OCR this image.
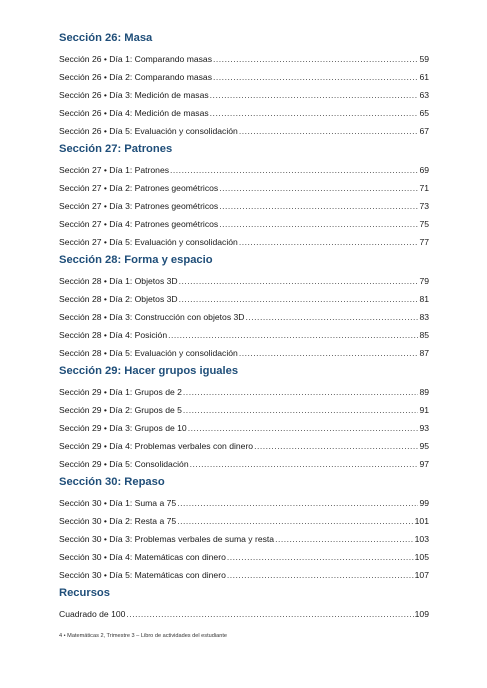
Sección 26: Masa
Sección 26 • Día 1: Comparando masas .....	59
Sección 26 • Día 2: Comparando masas .....	61
Sección 26 • Día 3: Medición de masas .....	63
Sección 26 • Día 4: Medición de masas .....	65
Sección 26 • Día 5: Evaluación y consolidación .....	67
Sección 27: Patrones
Sección 27 • Día 1: Patrones .....	69
Sección 27 • Día 2: Patrones geométricos .....	71
Sección 27 • Día 3: Patrones geométricos .....	73
Sección 27 • Día 4: Patrones geométricos .....	75
Sección 27 • Día 5: Evaluación y consolidación .....	77
Sección 28: Forma y espacio
Sección 28 • Día 1: Objetos 3D .....	79
Sección 28 • Día 2: Objetos 3D .....	81
Sección 28 • Día 3: Construcción con objetos 3D .....	83
Sección 28 • Día 4: Posición .....	85
Sección 28 • Día 5: Evaluación y consolidación .....	87
Sección 29: Hacer grupos iguales
Sección 29 • Día 1: Grupos de 2 .....	89
Sección 29 • Día 2: Grupos de 5 .....	91
Sección 29 • Día 3: Grupos de 10 .....	93
Sección 29 • Día 4: Problemas verbales con dinero .....	95
Sección 29 • Día 5: Consolidación .....	97
Sección 30: Repaso
Sección 30 • Día 1: Suma a 75 .....	99
Sección 30 • Día 2: Resta a 75 .....	101
Sección 30 • Día 3: Problemas verbales de suma y resta .....	103
Sección 30 • Día 4: Matemáticas con dinero .....	105
Sección 30 • Día 5: Matemáticas con dinero .....	107
Recursos
Cuadrado de 100 .....	109
4 • Matemáticas 2, Trimestre 3 – Libro de actividades del estudiante
